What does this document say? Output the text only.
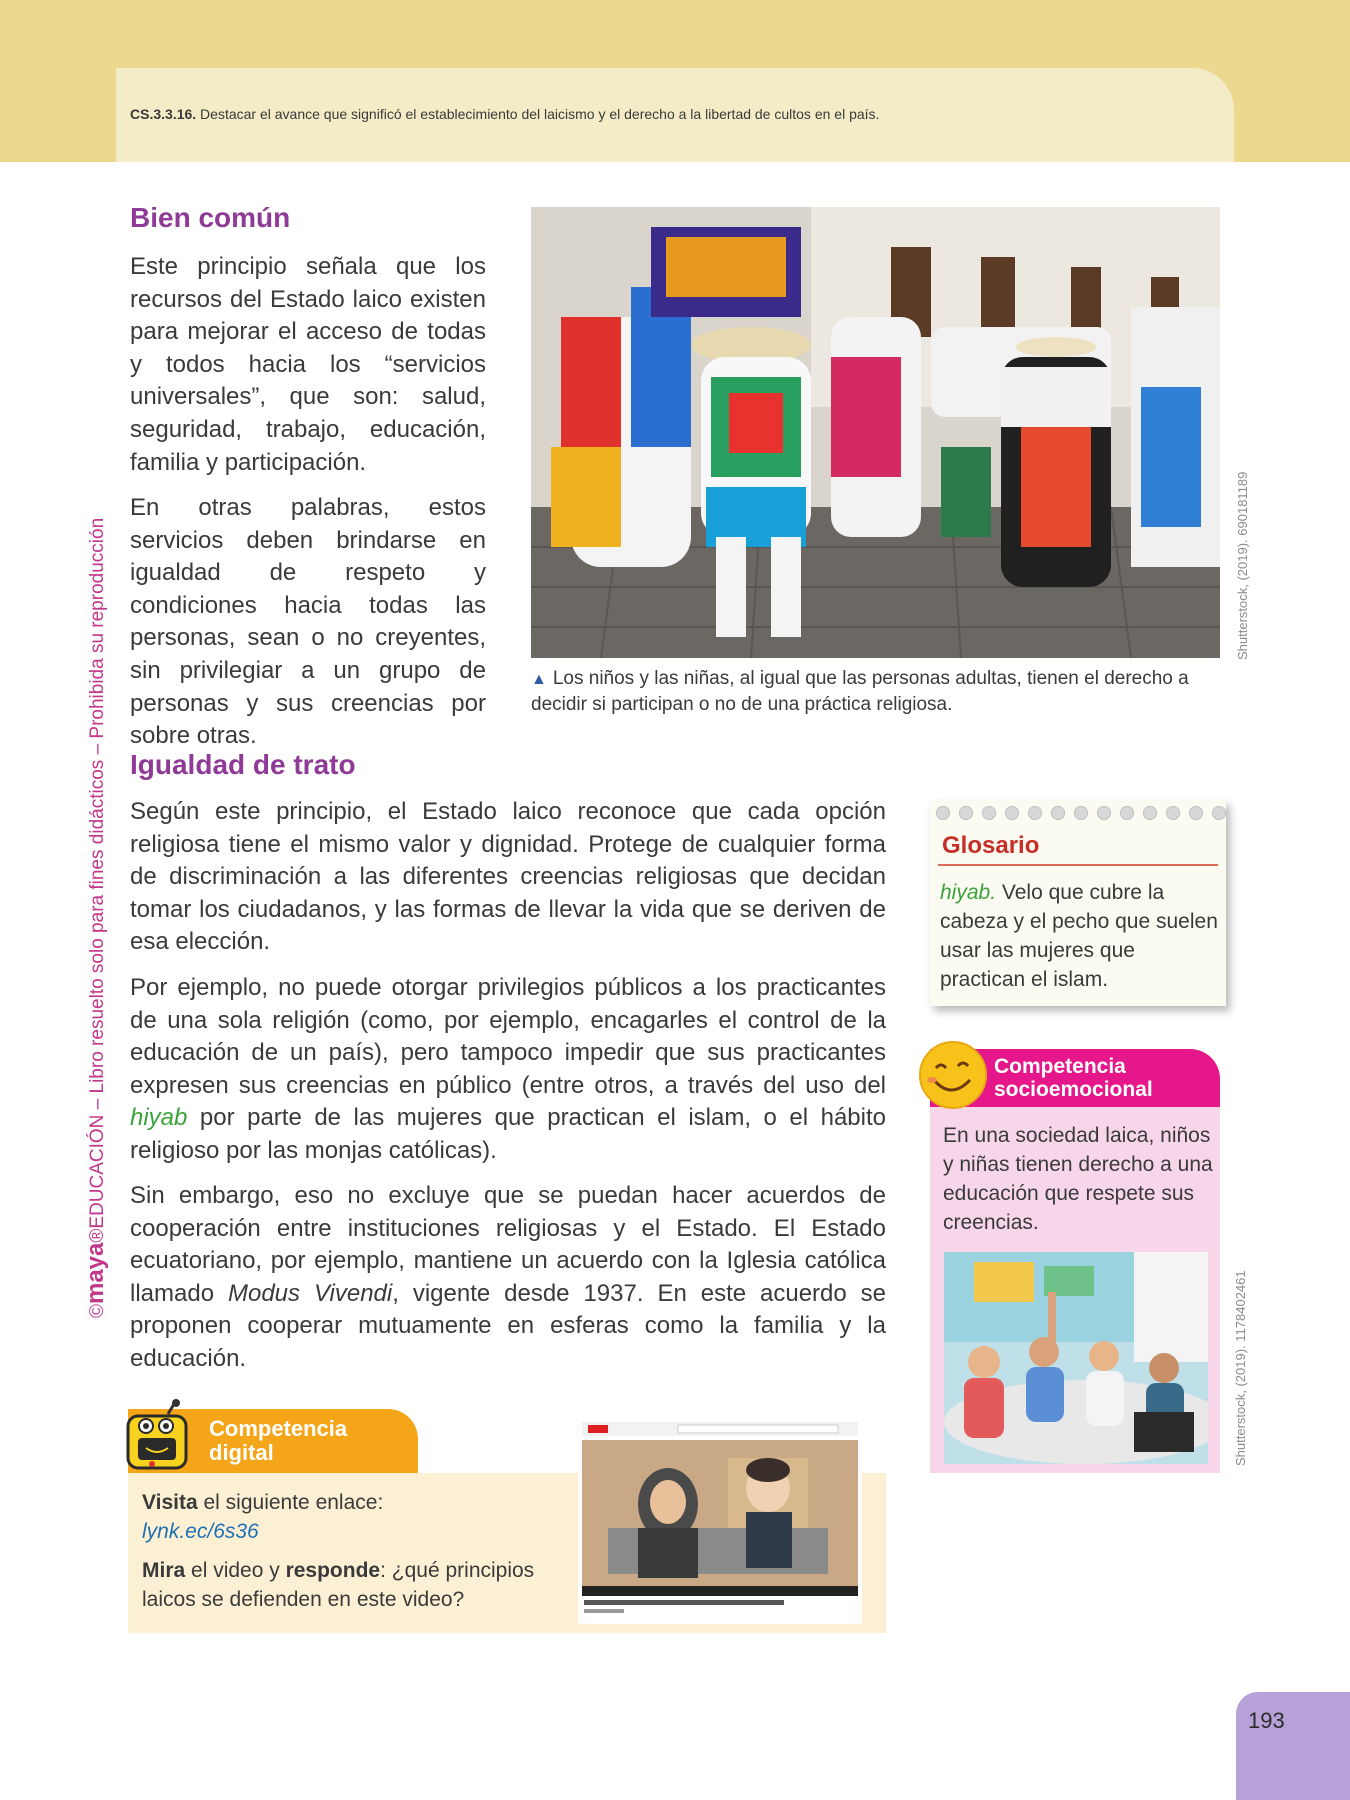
CS.3.3.16. Destacar el avance que significó el establecimiento del laicismo y el derecho a la libertad de cultos en el país.
©maya®EDUCACIÓN – Libro resuelto solo para fines didácticos – Prohibida su reproducción
Bien común
Este principio señala que los recursos del Estado laico existen para mejorar el acceso de todas y todos hacia los “servicios universales”, que son: salud, seguridad, trabajo, educación, familia y participación.
En otras palabras, estos servicios deben brindarse en igualdad de respeto y condiciones hacia todas las personas, sean o no creyentes, sin privilegiar a un grupo de personas y sus creencias por sobre otras.
Shutterstock, (2019). 690181189
▲ Los niños y las niñas, al igual que las personas adultas, tienen el derecho a decidir si participan o no de una práctica religiosa.
Igualdad de trato
Según este principio, el Estado laico reconoce que cada opción religiosa tiene el mismo valor y dignidad. Protege de cualquier forma de discriminación a las diferentes creencias religiosas que decidan tomar los ciudadanos, y las formas de llevar la vida que se deriven de esa elección.
Por ejemplo, no puede otorgar privilegios públicos a los practicantes de una sola religión (como, por ejemplo, encagarles el control de la educación de un país), pero tampoco impedir que sus practicantes expresen sus creencias en público (entre otros, a través del uso del hiyab por parte de las mujeres que practican el islam, o el hábito religioso por las monjas católicas).
Sin embargo, eso no excluye que se puedan hacer acuerdos de cooperación entre instituciones religiosas y el Estado. El Estado ecuatoriano, por ejemplo, mantiene un acuerdo con la Iglesia católica llamado Modus Vivendi, vigente desde 1937. En este acuerdo se proponen cooperar mutuamente en esferas como la familia y la educación.
Glosario
hiyab. Velo que cubre la cabeza y el pecho que suelen usar las mujeres que practican el islam.
Competencia
socioemocional
En una sociedad laica, niños y niñas tienen derecho a una educación que respete sus creencias.
Shutterstock, (2019). 1178402461
Competencia
digital
Visita el siguiente enlace:
lynk.ec/6s36
Mira el video y responde: ¿qué principios laicos se defienden en este video?
193
